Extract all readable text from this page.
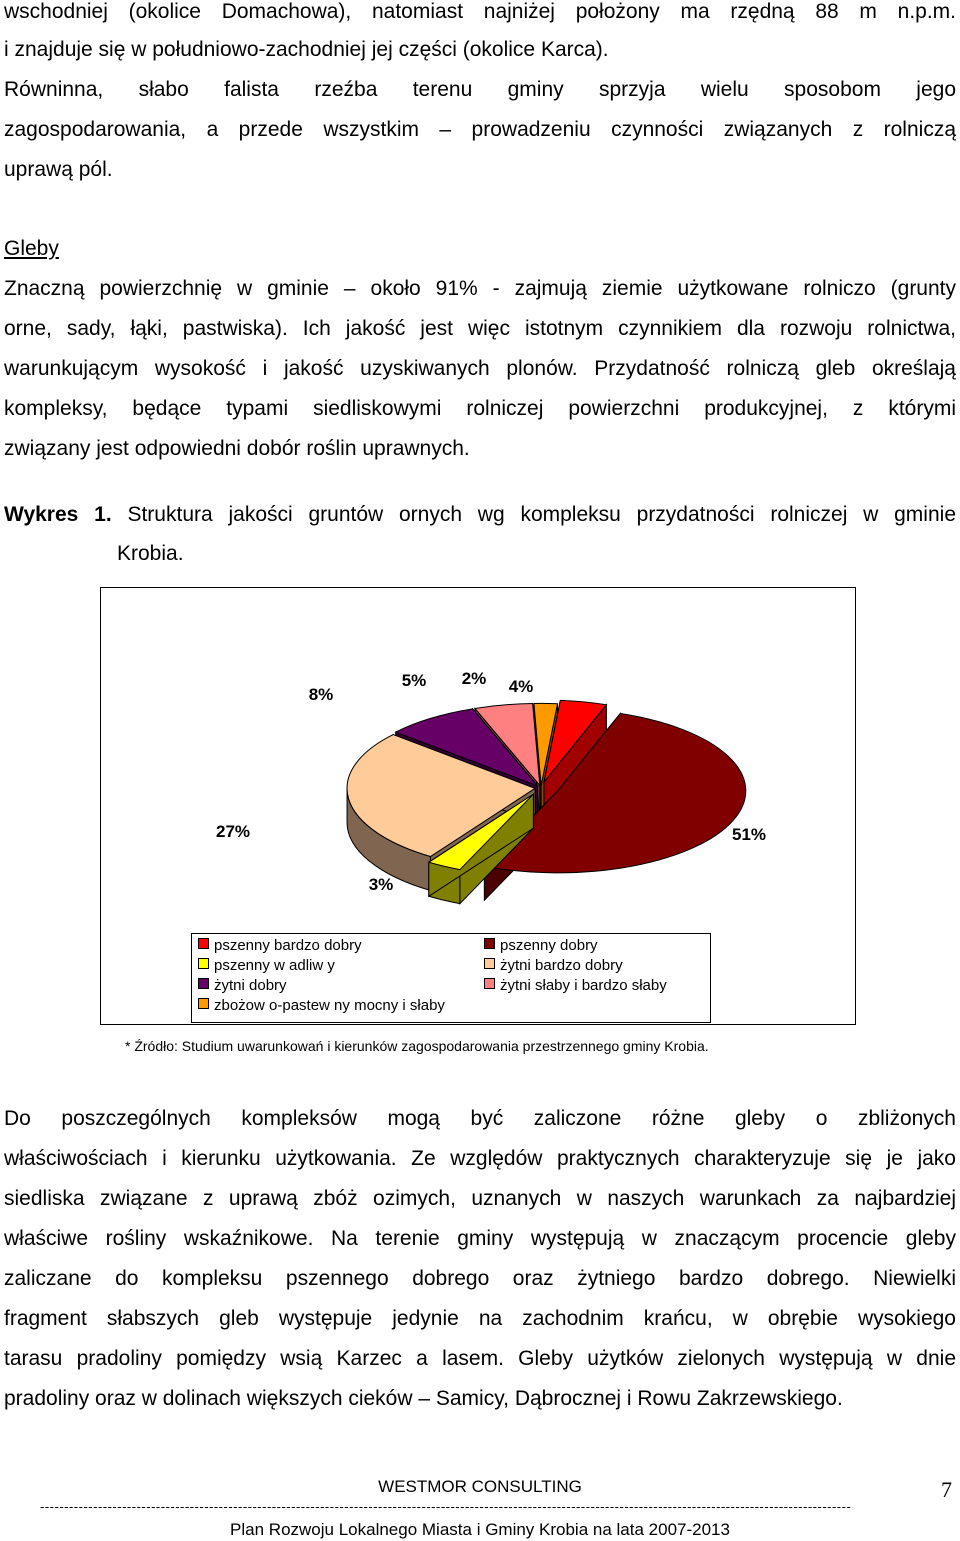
wschodniej (okolice Domachowa), natomiast najniżej położony ma rzędną 88 m n.p.m.
i znajduje się w południowo-zachodniej jej części (okolice Karca).
Równinna, słabo falista rzeźba terenu gminy sprzyja wielu sposobom jego
zagospodarowania, a przede wszystkim – prowadzeniu czynności związanych z rolniczą
uprawą pól.
Gleby
Znaczną powierzchnię w gminie – około 91% - zajmują ziemie użytkowane rolniczo (grunty
orne, sady, łąki, pastwiska). Ich jakość jest więc istotnym czynnikiem dla rozwoju rolnictwa,
warunkującym wysokość i jakość uzyskiwanych plonów. Przydatność rolniczą gleb określają
kompleksy, będące typami siedliskowymi rolniczej powierzchni produkcyjnej, z którymi
związany jest odpowiedni dobór roślin uprawnych.
Wykres 1. Struktura jakości gruntów ornych wg kompleksu przydatności rolniczej w gminie
Krobia.
4%
51%
3%
27%
8%
5% 2%
pszenny bardzo dobry
pszenny w adliw y
żytni dobry
zbożow o-pastew ny mocny i słaby
pszenny dobry
żytni bardzo dobry
żytni słaby i bardzo słaby
* Źródło: Studium uwarunkowań i kierunków zagospodarowania przestrzennego gminy Krobia.
Do poszczególnych kompleksów mogą być zaliczone różne gleby o zbliżonych
właściwościach i kierunku użytkowania. Ze względów praktycznych charakteryzuje się je jako
siedliska związane z uprawą zbóż ozimych, uznanych w naszych warunkach za najbardziej
właściwe rośliny wskaźnikowe. Na terenie gminy występują w znaczącym procencie gleby
zaliczane do kompleksu pszennego dobrego oraz żytniego bardzo dobrego. Niewielki
fragment słabszych gleb występuje jedynie na zachodnim krańcu, w obrębie wysokiego
tarasu pradoliny pomiędzy wsią Karzec a lasem. Gleby użytków zielonych występują w dnie
pradoliny oraz w dolinach większych cieków – Samicy, Dąbrocznej i Rowu Zakrzewskiego.
WESTMOR CONSULTING	7
------------------------------------------------------------------------------------------------------------------------------------------------------------------------
Plan Rozwoju Lokalnego Miasta i Gminy Krobia na lata 2007-2013
